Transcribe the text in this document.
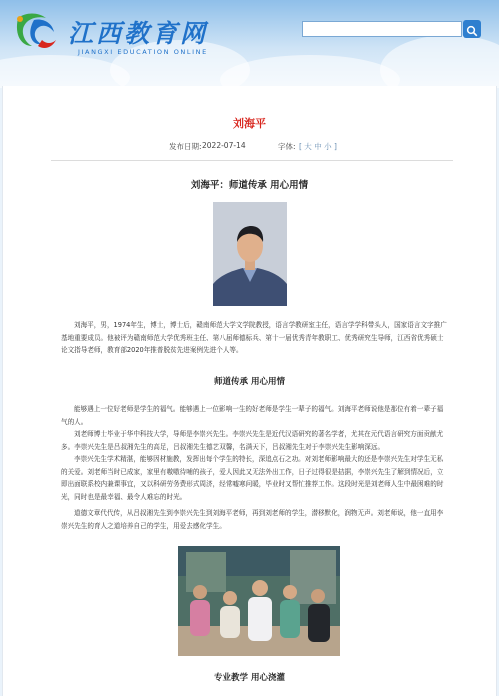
江西教育网
JIANGXI EDUCATION ONLINE
刘海平
发布日期: 2022-07-14	字体: [ 大 中 小 ]
刘海平：师道传承 用心用情

刘海平，男，1974年生，博士，博士后，赣南师范大学文学院教授，语言学教研室主任，语言学学科带头人，国家语言文字推广基地重要成员。他被评为赣南师范大学优秀班主任、第八届师德标兵、第十一届优秀青年教职工、优秀研究生导师，江西省优秀硕士论文指导老师，教育部2020年推普脱贫先进案例先进个人等。

师道传承 用心用情

能够遇上一位好老师是学生的福气。能够遇上一位影响一生的好老师是学生一辈子的福气。刘海平老师说他是那位有着一辈子福气的人。

刘老师博士毕业于华中科技大学，导师是李崇兴先生。李崇兴先生是近代汉语研究的著名学者，尤其在元代语言研究方面贡献尤多。李崇兴先生是吕叔湘先生的高足，吕叔湘先生德艺双馨，名满天下，吕叔湘先生对于李崇兴先生影响深远。

李崇兴先生学术精湛，能够因材施教，发挥出每个学生的特长，深追点石之功。对刘老师影响最大的还是李崇兴先生对学生无私的关爱。刘老师当时已成家，家里有嗷嗷待哺的孩子，爱人因此又无法外出工作，日子过得很是拮据，李崇兴先生了解到情况后，立即出面联系校内兼课事宜，又以科研劳务费形式周济，经常嘘寒问暖，毕业时又帮忙推荐工作。这段时光是刘老师人生中最困难的时光，同时也是最幸福、最令人难忘的时光。

道德文章代代传，从吕叔湘先生到李崇兴先生到刘海平老师，再到刘老师的学生，潜移默化，润物无声。刘老师说，他一直用李崇兴先生的育人之道培养自己的学生，用爱去感化学生。

专业教学 用心浇灌
